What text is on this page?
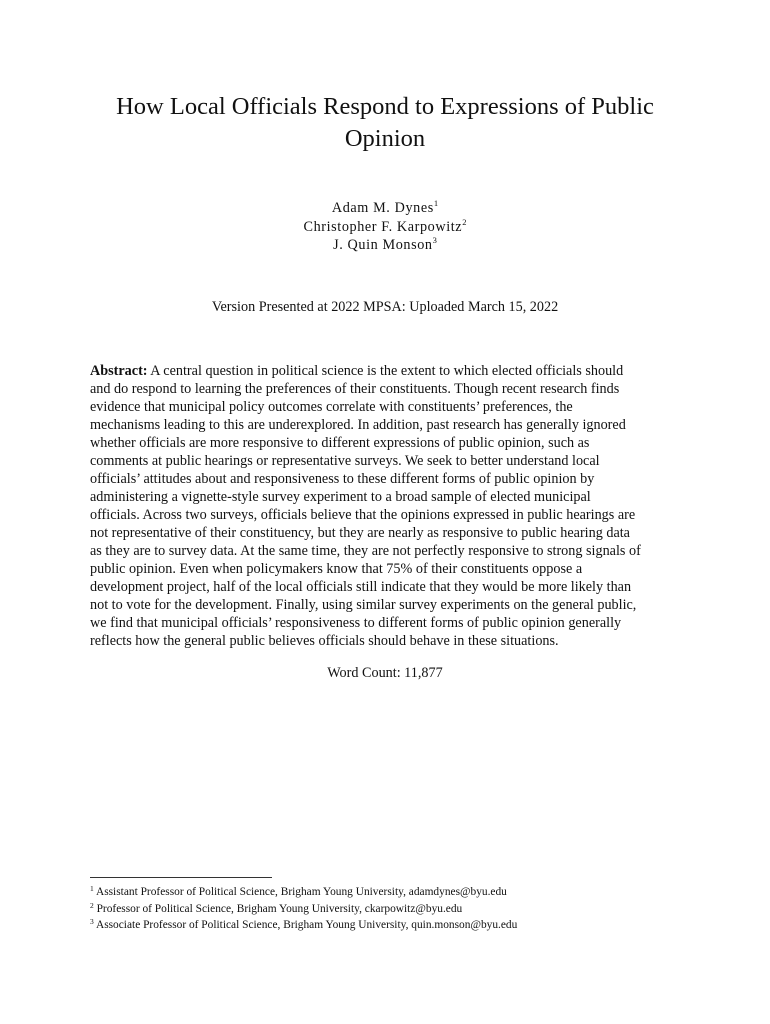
How Local Officials Respond to Expressions of Public
Opinion
Adam M. Dynes$^1$
Christopher F. Karpowitz$^2$
J. Quin Monson$^3$
Version Presented at 2022 MPSA: Uploaded March 15, 2022
Abstract: A central question in political science is the extent to which elected officials should
and do respond to learning the preferences of their constituents. Though recent research finds
evidence that municipal policy outcomes correlate with constituents’ preferences, the
mechanisms leading to this are underexplored. In addition, past research has generally ignored
whether officials are more responsive to different expressions of public opinion, such as
comments at public hearings or representative surveys. We seek to better understand local
officials’ attitudes about and responsiveness to these different forms of public opinion by
administering a vignette-style survey experiment to a broad sample of elected municipal
officials. Across two surveys, officials believe that the opinions expressed in public hearings are
not representative of their constituency, but they are nearly as responsive to public hearing data
as they are to survey data. At the same time, they are not perfectly responsive to strong signals of
public opinion. Even when policymakers know that 75% of their constituents oppose a
development project, half of the local officials still indicate that they would be more likely than
not to vote for the development. Finally, using similar survey experiments on the general public,
we find that municipal officials’ responsiveness to different forms of public opinion generally
reflects how the general public believes officials should behave in these situations.
Word Count: 11,877
$^1$ Assistant Professor of Political Science, Brigham Young University, adamdynes@byu.edu
$^2$ Professor of Political Science, Brigham Young University, ckarpowitz@byu.edu
$^3$ Associate Professor of Political Science, Brigham Young University, quin.monson@byu.edu
